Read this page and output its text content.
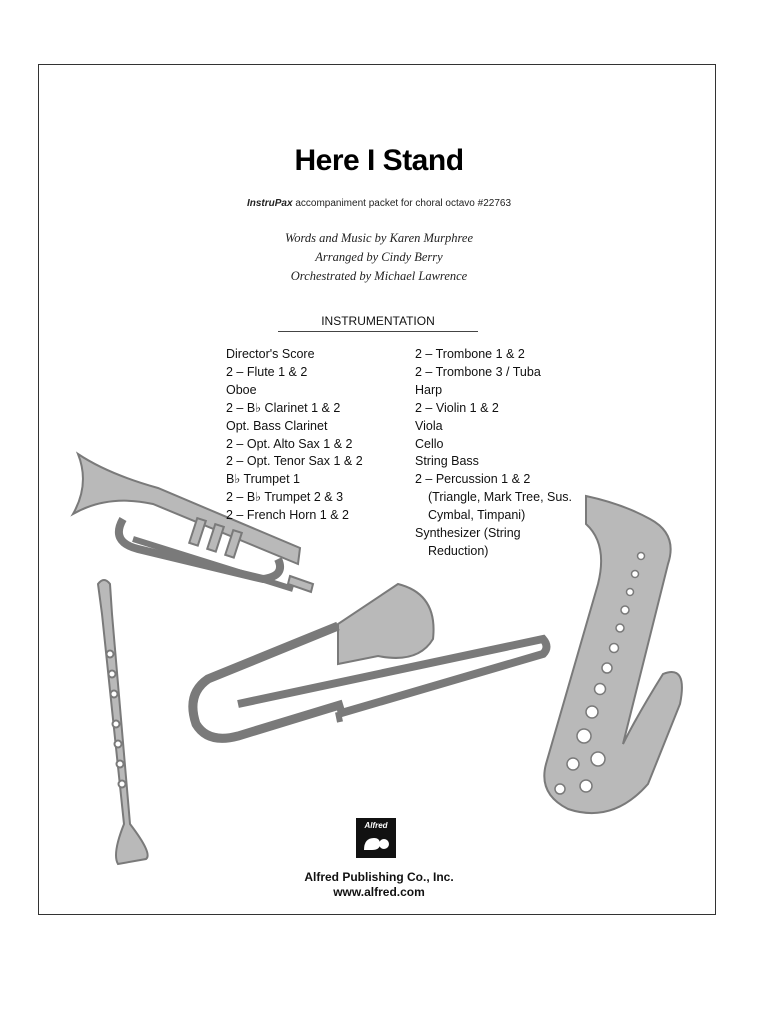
Here I Stand
InstruPax accompaniment packet for choral octavo #22763
Words and Music by Karen Murphree
Arranged by Cindy Berry
Orchestrated by Michael Lawrence
INSTRUMENTATION
Director's Score
2 – Flute 1 & 2
Oboe
2 – B♭ Clarinet 1 & 2
Opt. Bass Clarinet
2 – Opt. Alto Sax 1 & 2
2 – Opt. Tenor Sax 1 & 2
B♭ Trumpet 1
2 – B♭ Trumpet 2 & 3
2 – French Horn 1 & 2
2 – Trombone 1 & 2
2 – Trombone 3 / Tuba
Harp
2 – Violin 1 & 2
Viola
Cello
String Bass
2 – Percussion 1 & 2
(Triangle, Mark Tree, Sus.
Cymbal, Timpani)
Synthesizer (String
Reduction)
Alfred
Alfred Publishing Co., Inc.
www.alfred.com
